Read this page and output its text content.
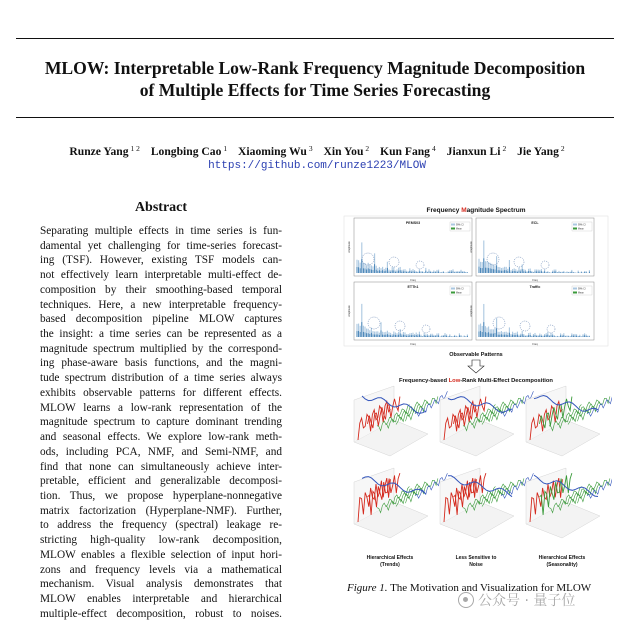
MLOW: Interpretable Low-Rank Frequency Magnitude Decomposition
of Multiple Effects for Time Series Forecasting
Runze Yang $^{1 2}$ Longbing Cao $^1$ Xiaoming Wu $^3$ Xin You $^2$ Kun Fang $^4$ Jianxun Li $^2$ Jie Yang $^2$
https://github.com/runze1223/MLOW
Abstract
Separating multiple effects in time series is fun-
damental yet challenging for time-series forecast-
ing (TSF). However, existing TSF models can-
not effectively learn interpretable multi-effect de-
composition by their smoothing-based temporal
techniques. Here, a new interpretable frequency-
based decomposition pipeline MLOW captures
the insight: a time series can be represented as a
magnitude spectrum multiplied by the correspond-
ing phase-aware basis functions, and the magni-
tude spectrum distribution of a time series always
exhibits observable patterns for different effects.
MLOW learns a low-rank representation of the
magnitude spectrum to capture dominant trending
and seasonal effects. We explore low-rank meth-
ods, including PCA, NMF, and Semi-NMF, and
find that none can simultaneously achieve inter-
pretable, efficient and generalizable decomposi-
tion. Thus, we propose hyperplane-nonnegative
matrix factorization (Hyperplane-NMF). Further,
to address the frequency (spectral) leakage re-
stricting high-quality low-rank decomposition,
MLOW enables a flexible selection of input hori-
zons and frequency levels via a mathematical
mechanism. Visual analysis demonstrates that
MLOW enables interpretable and hierarchical
multiple-effect decomposition, robust to noises.
Frequency Magnitude Spectrum
PEMS03
99% CI
Mean
Amplitude
Freq
ECL
99% CI
Mean
Amplitude
Freq
ETTh1
99% CI
Mean
Amplitude
Freq
Traffic
99% CI
Mean
Amplitude
Freq
Observable Patterns
Frequency-based Low-Rank Multi-Effect Decomposition
Hierarchical Effects
(Trends)
Less Sensitive to
Noise
Hierarchical Effects
(Seasonality)
Figure 1. The Motivation and Visualization for MLOW
公众号 · 量子位
